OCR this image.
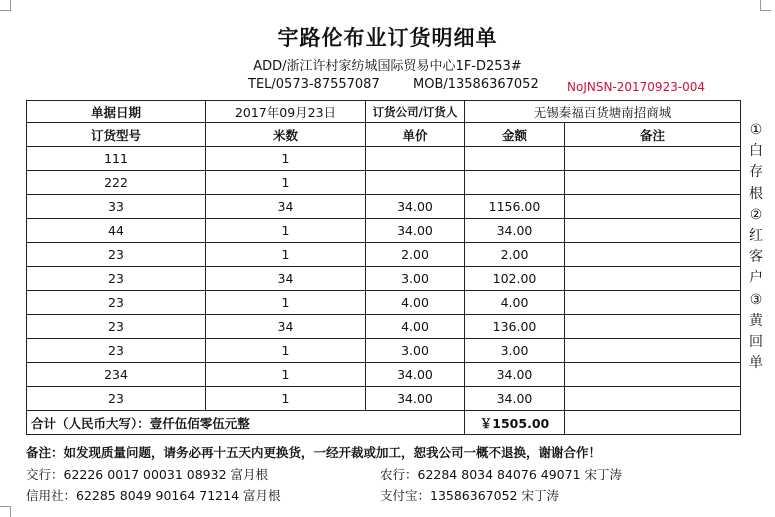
宇路伦布业订货明细单
ADD/浙江许村家纺城国际贸易中心1F-D253#
TEL/0573-87557087	MOB/13586367052 NoJNSN-20170923-004
单据日期	2017年09月23日	订货公司/订货人	无锡秦福百货塘南招商城	
订货型号	米数	单价	金额	备注
111	1			
222	1			
33	34	34.00	1156.00	
44	1	34.00	34.00	
23	1	2.00	2.00	
23	34	3.00	102.00	
23	1	4.00	4.00	
23	34	4.00	136.00	
23	1	3.00	3.00	
234	1	34.00	34.00	
23	1	34.00	34.00	
合计（人民币大写）：壹仟伍佰零伍元整			￥1505.00	
①
白
存
根
②
红
客
户
③
黄
回
单
备注：如发现质量问题，请务必再十五天内更换货，一经开裁或加工，恕我公司一概不退换，谢谢合作！
交行：62226 0017 00031 08932 富月根	农行：62284 8034 84076 49071 宋丁涛
信用社：62285 8049 90164 71214 富月根	支付宝：13586367052 宋丁涛
